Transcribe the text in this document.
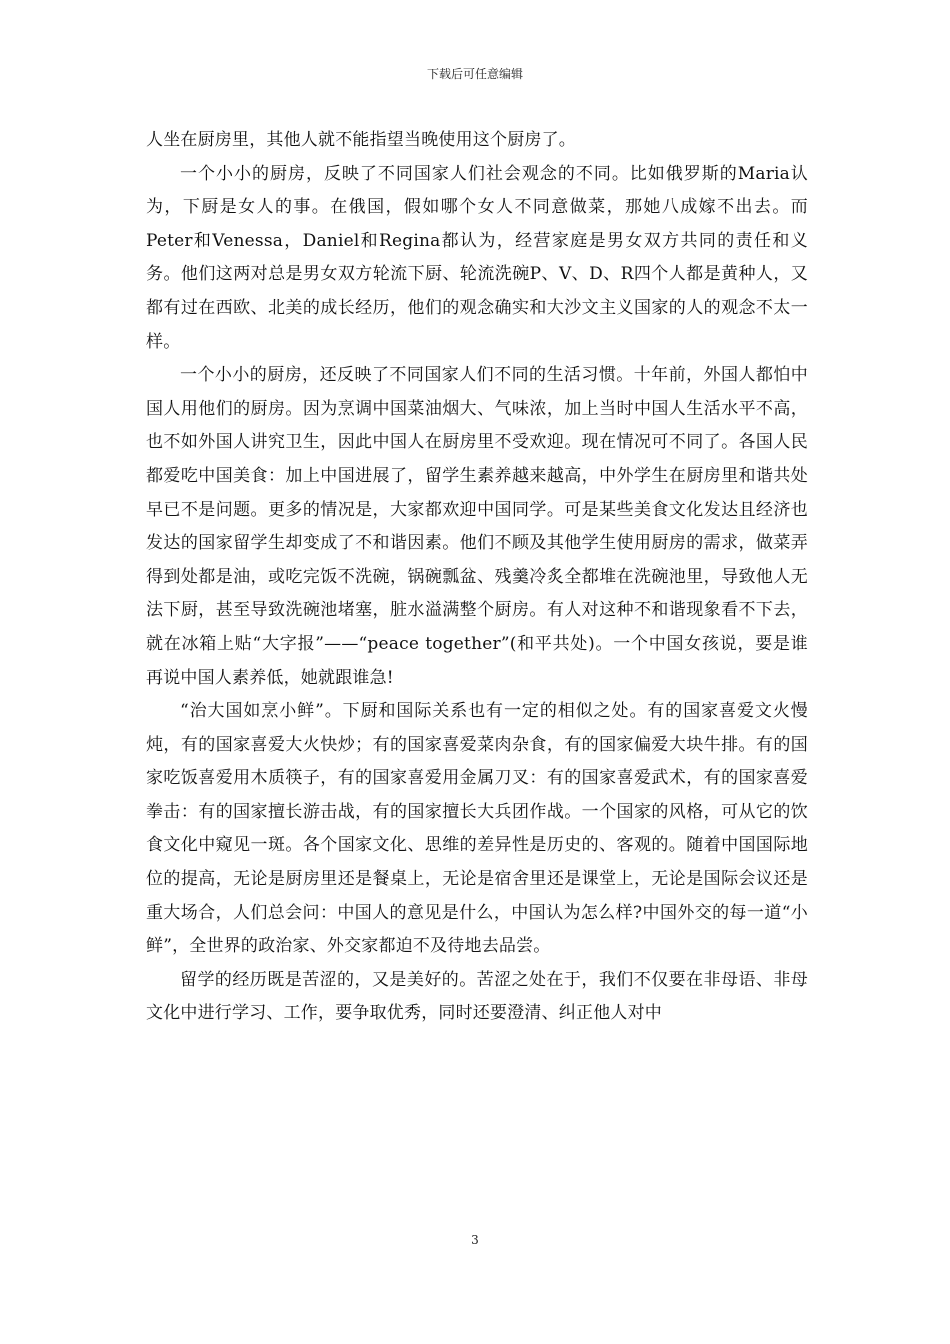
下载后可任意编辑

人坐在厨房里，其他人就不能指望当晚使用这个厨房了。

一个小小的厨房，反映了不同国家人们社会观念的不同。比如俄罗斯的Maria认为，下厨是女人的事。在俄国，假如哪个女人不同意做菜，那她八成嫁不出去。而Peter和Venessa，Daniel和Regina都认为，经营家庭是男女双方共同的责任和义务。他们这两对总是男女双方轮流下厨、轮流洗碗P、V、D、R四个人都是黄种人，又都有过在西欧、北美的成长经历，他们的观念确实和大沙文主义国家的人的观念不太一样。

一个小小的厨房，还反映了不同国家人们不同的生活习惯。十年前，外国人都怕中国人用他们的厨房。因为烹调中国菜油烟大、气味浓，加上当时中国人生活水平不高，也不如外国人讲究卫生，因此中国人在厨房里不受欢迎。现在情况可不同了。各国人民都爱吃中国美食：加上中国进展了，留学生素养越来越高，中外学生在厨房里和谐共处早已不是问题。更多的情况是，大家都欢迎中国同学。可是某些美食文化发达且经济也发达的国家留学生却变成了不和谐因素。他们不顾及其他学生使用厨房的需求，做菜弄得到处都是油，或吃完饭不洗碗，锅碗瓢盆、残羹冷炙全都堆在洗碗池里，导致他人无法下厨，甚至导致洗碗池堵塞，脏水溢满整个厨房。有人对这种不和谐现象看不下去，就在冰箱上贴“大字报”——“peace together”(和平共处)。一个中国女孩说，要是谁再说中国人素养低，她就跟谁急!

“治大国如烹小鲜”。下厨和国际关系也有一定的相似之处。有的国家喜爱文火慢炖，有的国家喜爱大火快炒；有的国家喜爱菜肉杂食，有的国家偏爱大块牛排。有的国家吃饭喜爱用木质筷子，有的国家喜爱用金属刀叉：有的国家喜爱武术，有的国家喜爱拳击：有的国家擅长游击战，有的国家擅长大兵团作战。一个国家的风格，可从它的饮食文化中窥见一斑。各个国家文化、思维的差异性是历史的、客观的。随着中国国际地位的提高，无论是厨房里还是餐桌上，无论是宿舍里还是课堂上，无论是国际会议还是重大场合，人们总会问：中国人的意见是什么，中国认为怎么样?中国外交的每一道“小鲜”，全世界的政治家、外交家都迫不及待地去品尝。

留学的经历既是苦涩的，又是美好的。苦涩之处在于，我们不仅要在非母语、非母文化中进行学习、工作，要争取优秀，同时还要澄清、纠正他人对中

3
